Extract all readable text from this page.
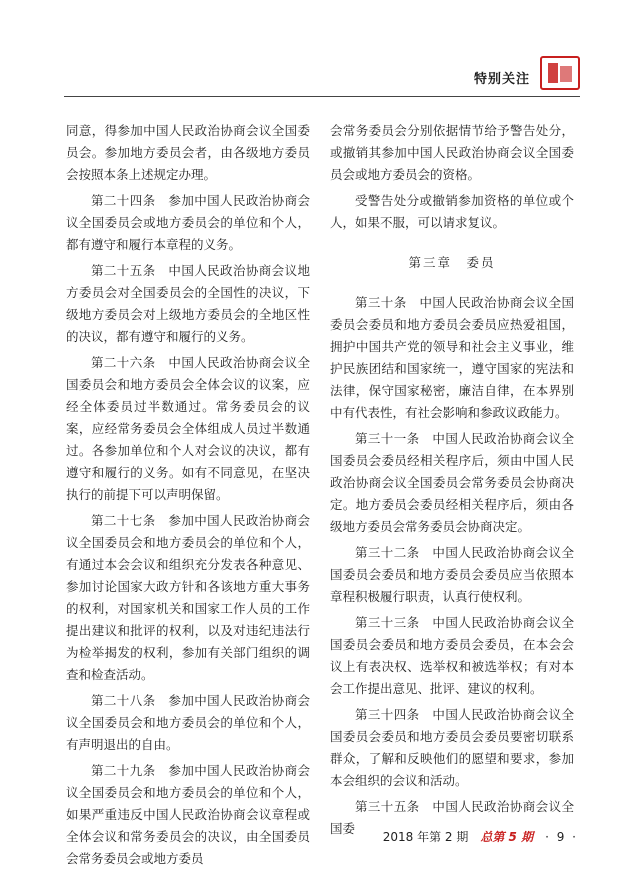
特别关注

同意，得参加中国人民政治协商会议全国委员会。参加地方委员会者，由各级地方委员会按照本条上述规定办理。

第二十四条　参加中国人民政治协商会议全国委员会或地方委员会的单位和个人，都有遵守和履行本章程的义务。

第二十五条　中国人民政治协商会议地方委员会对全国委员会的全国性的决议，下级地方委员会对上级地方委员会的全地区性的决议，都有遵守和履行的义务。

第二十六条　中国人民政治协商会议全国委员会和地方委员会全体会议的议案，应经全体委员过半数通过。常务委员会的议案，应经常务委员会全体组成人员过半数通过。各参加单位和个人对会议的决议，都有遵守和履行的义务。如有不同意见，在坚决执行的前提下可以声明保留。

第二十七条　参加中国人民政治协商会议全国委员会和地方委员会的单位和个人，有通过本会会议和组织充分发表各种意见、参加讨论国家大政方针和各该地方重大事务的权利，对国家机关和国家工作人员的工作提出建议和批评的权利，以及对违纪违法行为检举揭发的权利，参加有关部门组织的调查和检查活动。

第二十八条　参加中国人民政治协商会议全国委员会和地方委员会的单位和个人，有声明退出的自由。

第二十九条　参加中国人民政治协商会议全国委员会和地方委员会的单位和个人，如果严重违反中国人民政治协商会议章程或全体会议和常务委员会的决议，由全国委员会常务委员会或地方委员

会常务委员会分别依据情节给予警告处分，或撤销其参加中国人民政治协商会议全国委员会或地方委员会的资格。

受警告处分或撤销参加资格的单位或个人，如果不服，可以请求复议。

第三章　委员

第三十条　中国人民政治协商会议全国委员会委员和地方委员会委员应热爱祖国，拥护中国共产党的领导和社会主义事业，维护民族团结和国家统一，遵守国家的宪法和法律，保守国家秘密，廉洁自律，在本界别中有代表性，有社会影响和参政议政能力。

第三十一条　中国人民政治协商会议全国委员会委员经相关程序后，须由中国人民政治协商会议全国委员会常务委员会协商决定。地方委员会委员经相关程序后，须由各级地方委员会常务委员会协商决定。

第三十二条　中国人民政治协商会议全国委员会委员和地方委员会委员应当依照本章程积极履行职责，认真行使权利。

第三十三条　中国人民政治协商会议全国委员会委员和地方委员会委员，在本会会议上有表决权、选举权和被选举权；有对本会工作提出意见、批评、建议的权利。

第三十四条　中国人民政治协商会议全国委员会委员和地方委员会委员要密切联系群众，了解和反映他们的愿望和要求，参加本会组织的会议和活动。

第三十五条　中国人民政治协商会议全国委

2018 年第 2 期 总第 5 期 · 9 ·
